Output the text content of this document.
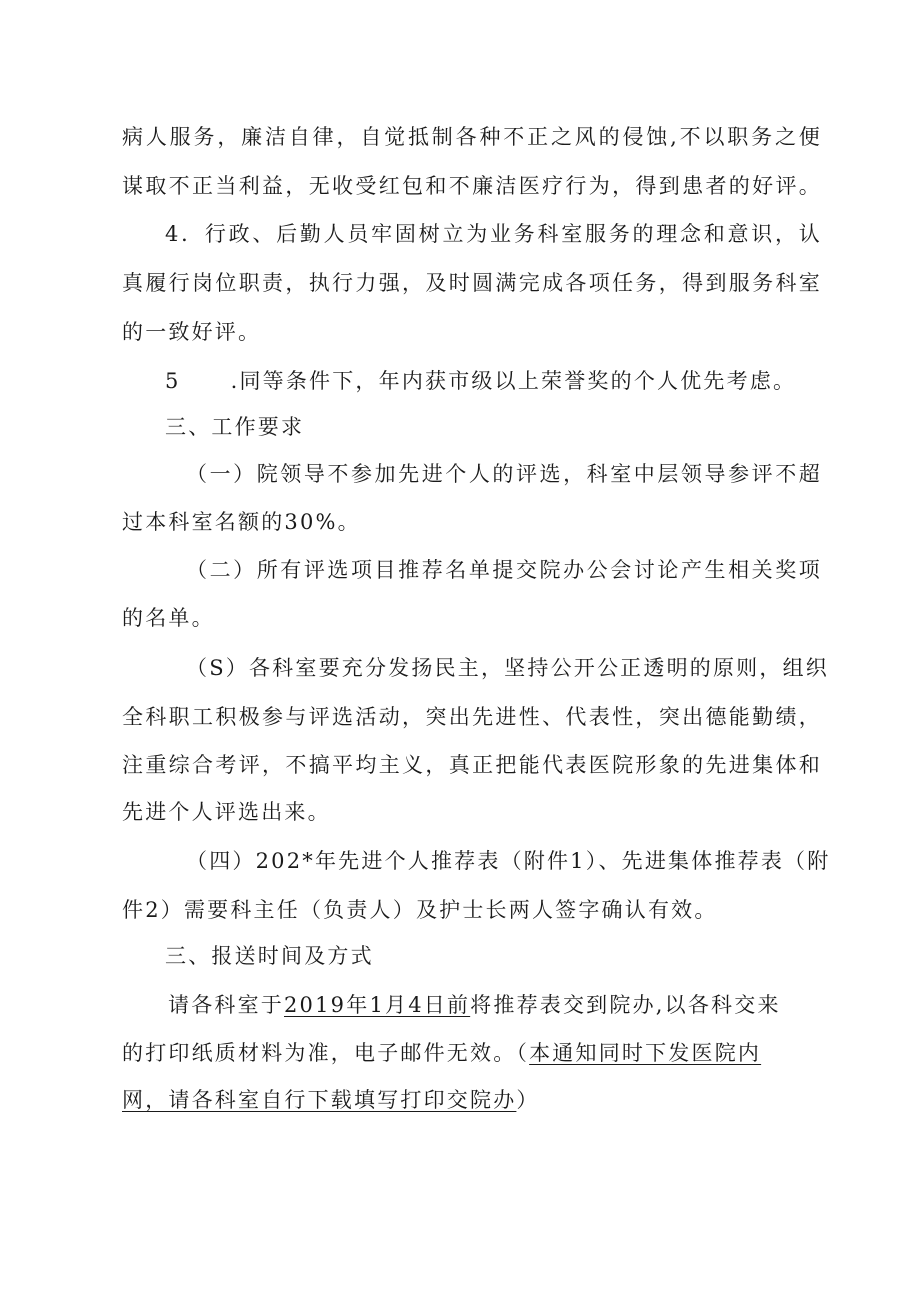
病人服务，廉洁自律，自觉抵制各种不正之风的侵蚀,不以职务之便
谋取不正当利益，无收受红包和不廉洁医疗行为，得到患者的好评。
4．行政、后勤人员牢固树立为业务科室服务的理念和意识，认
真履行岗位职责，执行力强，及时圆满完成各项任务，得到服务科室
的一致好评。
5 .同等条件下，年内获市级以上荣誉奖的个人优先考虑。
三、工作要求
（一）院领导不参加先进个人的评选，科室中层领导参评不超
过本科室名额的30%。
（二）所有评选项目推荐名单提交院办公会讨论产生相关奖项
的名单。
（S）各科室要充分发扬民主，坚持公开公正透明的原则，组织
全科职工积极参与评选活动，突出先进性、代表性，突出德能勤绩，
注重综合考评，不搞平均主义，真正把能代表医院形象的先进集体和
先进个人评选出来。
（四）202*年先进个人推荐表（附件1）、先进集体推荐表（附
件2）需要科主任（负责人）及护士长两人签字确认有效。
三、报送时间及方式
请各科室于2019年1月4日前将推荐表交到院办,以各科交来
的打印纸质材料为准，电子邮件无效。（本通知同时下发医院内
网，请各科室自行下载填写打印交院办）
